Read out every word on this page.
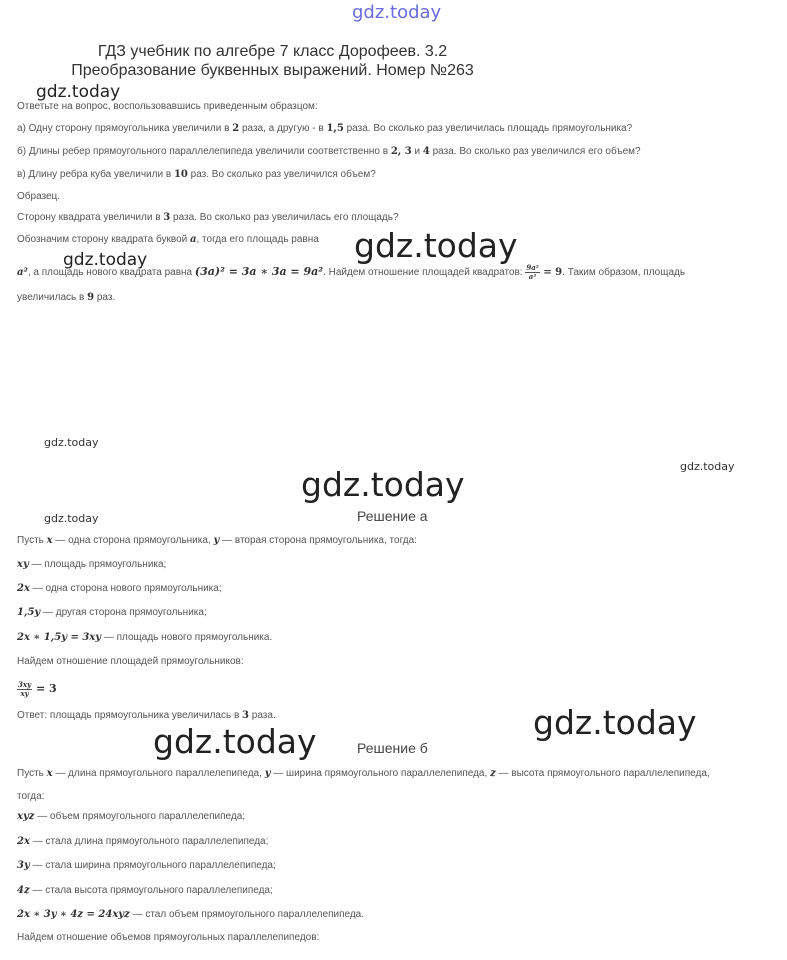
gdz.today
gdz.today
gdz.today
gdz.today
gdz.today
gdz.today	gdz.today
gdz.today
gdz.today
gdz.today
ГДЗ учебник по алгебре 7 класс Дорофеев. 3.2
Преобразование буквенных выражений. Номер №263
Ответьте на вопрос, воспользовавшись приведенным образцом:
а) Одну сторону прямоугольника увеличили в 2 раза, а другую - в 1,5 раза. Во сколько раз увеличилась площадь прямоугольника?
б) Длины ребер прямоугольного параллелепипеда увеличили соответственно в 2, 3 и 4 раза. Во сколько раз увеличился его объем?
в) Длину ребра куба увеличили в 10 раз. Во сколько раз увеличился объем?
Образец.
Сторону квадрата увеличили в 3 раза. Во сколько раз увеличилась его площадь?
Обозначим сторону квадрата буквой a, тогда его площадь равна
a², а площадь нового квадрата равна (3a)² = 3a ∗ 3a = 9a². Найдем отношение площадей квадратов: $\frac{\text{9a²}}{\text{a²}} = 9$. Таким образом, площадь
увеличилась в 9 раз.
Решение а
Пусть x — одна сторона прямоугольника, y — вторая сторона прямоугольника, тогда:
xy — площадь прямоугольника;
2x — одна сторона нового прямоугольника;
1,5y — другая сторона прямоугольника;
2x ∗ 1,5y = 3xy — площадь нового прямоугольника.
Найдем отношение площадей прямоугольников:
$\frac{3xy}{xy} = 3$
Ответ: площадь прямоугольника увеличилась в 3 раза.
Решение б
Пусть x — длина прямоугольного параллелепипеда, y — ширина прямоугольного параллелепипеда, z — высота прямоугольного параллелепипеда,
тогда:
xyz — объем прямоугольного параллелепипеда;
2x — стала длина прямоугольного параллелепипеда;
3y — стала ширина прямоугольного параллелепипеда;
4z — стала высота прямоугольного параллелепипеда;
2x ∗ 3y ∗ 4z = 24xyz — стал объем прямоугольного параллелепипеда.
Найдем отношение объемов прямоугольных параллелепипедов:
